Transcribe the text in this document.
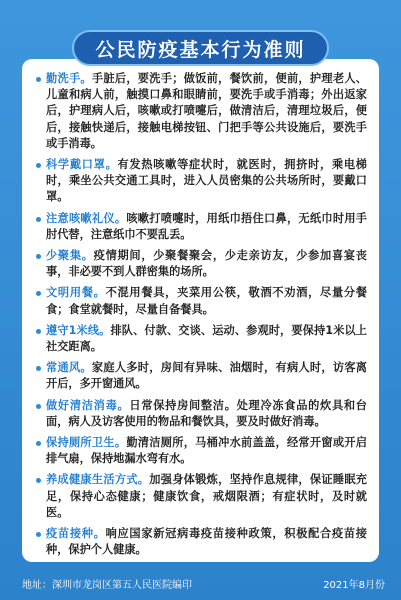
勤洗手。手脏后，要洗手；做饭前，餐饮前，便前，护理老人、儿童和病人前，触摸口鼻和眼睛前，要洗手或手消毒；外出返家后，护理病人后，咳嗽或打喷嚏后，做清洁后，清理垃圾后，便后，接触快递后，接触电梯按钮、门把手等公共设施后，要洗手或手消毒。
科学戴口罩。有发热咳嗽等症状时，就医时，拥挤时，乘电梯时，乘坐公共交通工具时，进入人员密集的公共场所时，要戴口罩。
注意咳嗽礼仪。咳嗽打喷嚏时，用纸巾捂住口鼻，无纸巾时用手肘代替，注意纸巾不要乱丢。
少聚集。疫情期间，少聚餐聚会，少走亲访友，少参加喜宴丧事，非必要不到人群密集的场所。
文明用餐。不混用餐具，夹菜用公筷，敬酒不劝酒，尽量分餐食；食堂就餐时，尽量自备餐具。
遵守1米线。排队、付款、交谈、运动、参观时，要保持1米以上社交距离。
常通风。家庭人多时，房间有异味、油烟时，有病人时，访客离开后，多开窗通风。
做好清洁消毒。日常保持房间整洁。处理冷冻食品的炊具和台面，病人及访客使用的物品和餐饮具，要及时做好消毒。
保持厕所卫生。勤清洁厕所，马桶冲水前盖盖，经常开窗或开启排气扇，保持地漏水弯有水。
养成健康生活方式。加强身体锻炼，坚持作息规律，保证睡眠充足，保持心态健康；健康饮食，戒烟限酒；有症状时，及时就医。
疫苗接种。响应国家新冠病毒疫苗接种政策，积极配合疫苗接种，保护个人健康。
公民防疫基本行为准则
地址：深圳市龙岗区第五人民医院编印	2021年8月份
